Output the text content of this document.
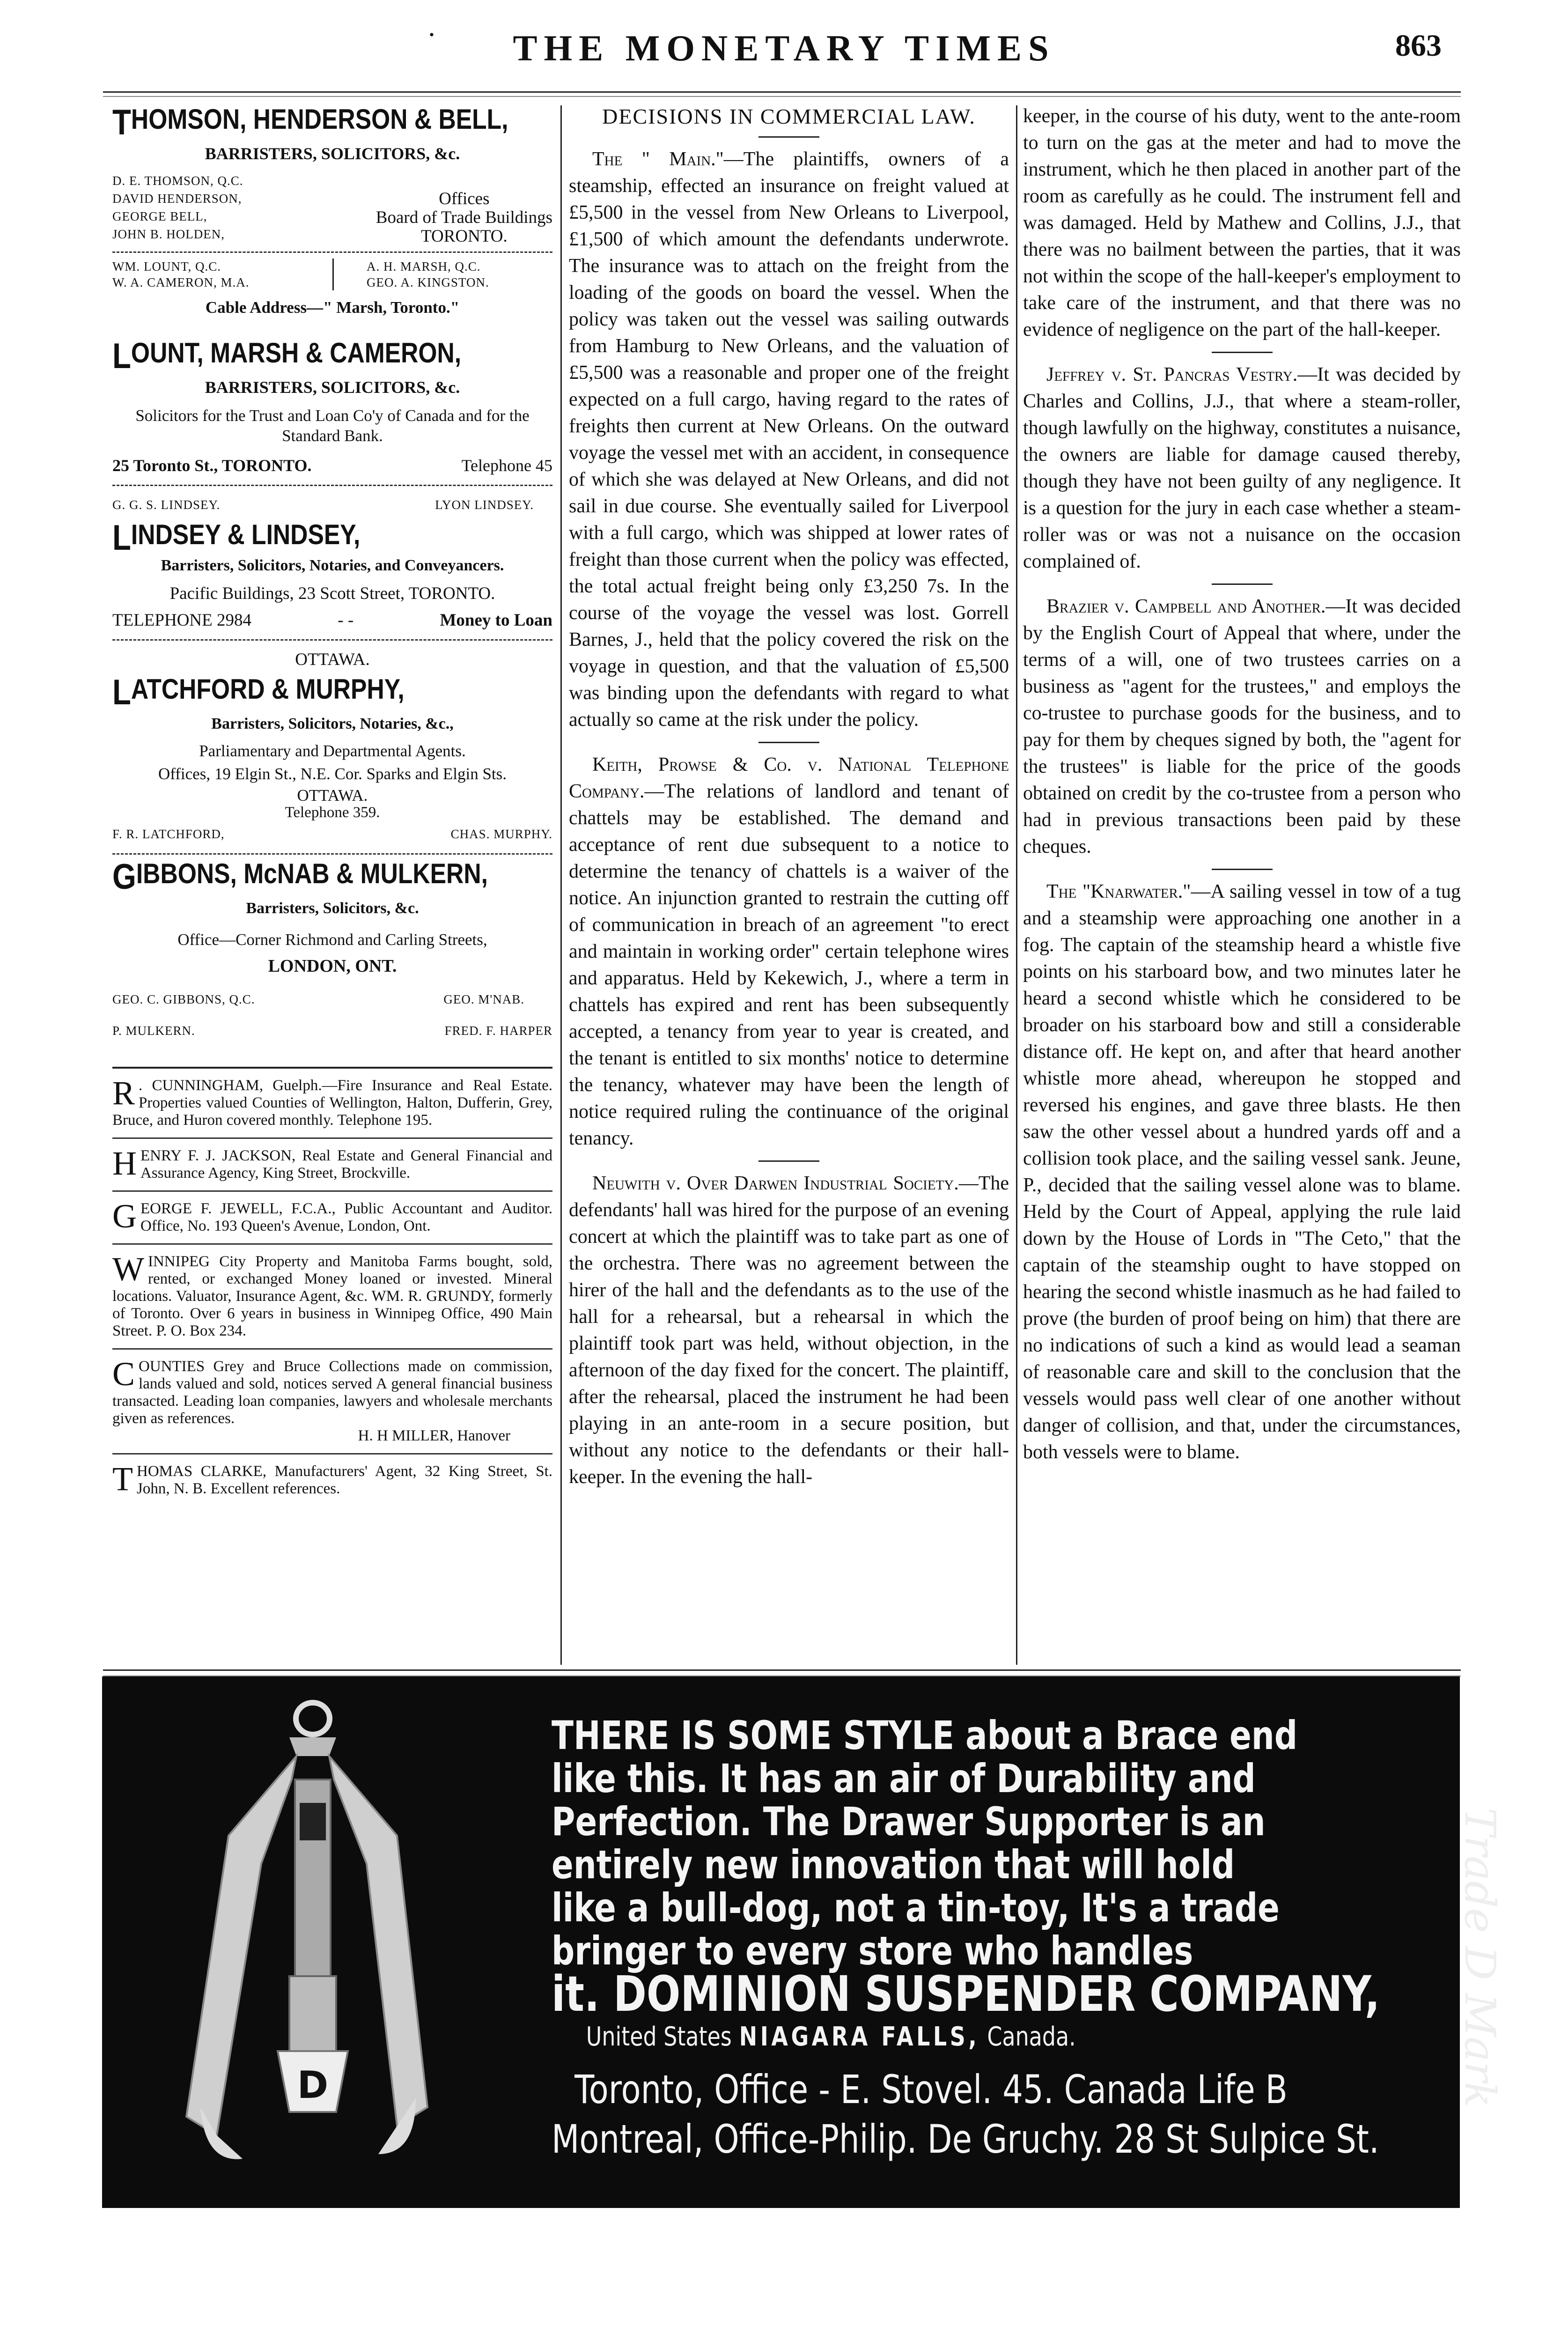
·	THE MONETARY TIMES	863
THOMSON, HENDERSON & BELL,
BARRISTERS, SOLICITORS, &c.
D. E. THOMSON, Q.C.
DAVID HENDERSON,
GEORGE BELL,
JOHN B. HOLDEN,
Offices
Board of Trade Buildings
TORONTO.
WM. LOUNT, Q.C.
W. A. CAMERON, M.A.
A. H. MARSH, Q.C.
GEO. A. KINGSTON.
Cable Address—" Marsh, Toronto."
LOUNT, MARSH & CAMERON,
BARRISTERS, SOLICITORS, &c.
Solicitors for the Trust and Loan Co'y of Canada and for the Standard Bank.
25 Toronto St., TORONTO.	Telephone 45
G. G. S. LINDSEY.	LYON LINDSEY.
LINDSEY & LINDSEY,
Barristers, Solicitors, Notaries, and Conveyancers.
Pacific Buildings, 23 Scott Street, TORONTO.
TELEPHONE 2984	- -	Money to Loan
OTTAWA.
LATCHFORD & MURPHY,
Barristers, Solicitors, Notaries, &c.,
Parliamentary and Departmental Agents.
Offices, 19 Elgin St., N.E. Cor. Sparks and Elgin Sts.
OTTAWA.
Telephone 359.
F. R. LATCHFORD,	CHAS. MURPHY.
GIBBONS, McNAB & MULKERN,
Barristers, Solicitors, &c.
Office—Corner Richmond and Carling Streets,
LONDON, ONT.
GEO. C. GIBBONS, Q.C.	GEO. M'NAB.
P. MULKERN.	FRED. F. HARPER
R . CUNNINGHAM, Guelph.—Fire Insurance and Real Estate. Properties valued Counties of Wellington, Halton, Dufferin, Grey, Bruce, and Huron covered monthly. Telephone 195.
HENRY F. J. JACKSON, Real Estate and General Financial and Assurance Agency, King Street, Brockville.
GEORGE F. JEWELL, F.C.A., Public Accountant and Auditor. Office, No. 193 Queen's Avenue, London, Ont.
WINNIPEG City Property and Manitoba Farms bought, sold, rented, or exchanged Money loaned or invested. Mineral locations. Valuator, Insurance Agent, &c. WM. R. GRUNDY, formerly of Toronto. Over 6 years in business in Winnipeg Office, 490 Main Street. P. O. Box 234.
COUNTIES Grey and Bruce Collections made on commission, lands valued and sold, notices served A general financial business transacted. Leading loan companies, lawyers and wholesale merchants given as references.
H. H MILLER, Hanover
THOMAS CLARKE, Manufacturers' Agent, 32 King Street, St. John, N. B. Excellent references.
DECISIONS IN COMMERCIAL LAW.

The " Main."—The plaintiffs, owners of a steamship, effected an insurance on freight valued at £5,500 in the vessel from New Orleans to Liverpool, £1,500 of which amount the defendants underwrote. The insurance was to attach on the freight from the loading of the goods on board the vessel. When the policy was taken out the vessel was sailing outwards from Hamburg to New Orleans, and the valuation of £5,500 was a reasonable and proper one of the freight expected on a full cargo, having regard to the rates of freights then current at New Orleans. On the outward voyage the vessel met with an accident, in consequence of which she was delayed at New Orleans, and did not sail in due course. She eventually sailed for Liverpool with a full cargo, which was shipped at lower rates of freight than those current when the policy was effected, the total actual freight being only £3,250 7s. In the course of the voyage the vessel was lost. Gorrell Barnes, J., held that the policy covered the risk on the voyage in question, and that the valuation of £5,500 was binding upon the defendants with regard to what actually so came at the risk under the policy.

Keith, Prowse & Co. v. National Telephone Company.—The relations of landlord and tenant of chattels may be established. The demand and acceptance of rent due subsequent to a notice to determine the tenancy of chattels is a waiver of the notice. An injunction granted to restrain the cutting off of communication in breach of an agreement "to erect and maintain in working order" certain telephone wires and apparatus. Held by Kekewich, J., where a term in chattels has expired and rent has been subsequently accepted, a tenancy from year to year is created, and the tenant is entitled to six months' notice to determine the tenancy, whatever may have been the length of notice required ruling the continuance of the original tenancy.

Neuwith v. Over Darwen Industrial Society.—The defendants' hall was hired for the purpose of an evening concert at which the plaintiff was to take part as one of the orchestra. There was no agreement between the hirer of the hall and the defendants as to the use of the hall for a rehearsal, but a rehearsal in which the plaintiff took part was held, without objection, in the afternoon of the day fixed for the concert. The plaintiff, after the rehearsal, placed the instrument he had been playing in an ante-room in a secure position, but without any notice to the defendants or their hall-keeper. In the evening the hall-

keeper, in the course of his duty, went to the ante-room to turn on the gas at the meter and had to move the instrument, which he then placed in another part of the room as carefully as he could. The instrument fell and was damaged. Held by Mathew and Collins, J.J., that there was no bailment between the parties, that it was not within the scope of the hall-keeper's employment to take care of the instrument, and that there was no evidence of negligence on the part of the hall-keeper.

Jeffrey v. St. Pancras Vestry.—It was decided by Charles and Collins, J.J., that where a steam-roller, though lawfully on the highway, constitutes a nuisance, the owners are liable for damage caused thereby, though they have not been guilty of any negligence. It is a question for the jury in each case whether a steam-roller was or was not a nuisance on the occasion complained of.

Brazier v. Campbell and Another.—It was decided by the English Court of Appeal that where, under the terms of a will, one of two trustees carries on a business as "agent for the trustees," and employs the co-trustee to purchase goods for the business, and to pay for them by cheques signed by both, the "agent for the trustees" is liable for the price of the goods obtained on credit by the co-trustee from a person who had in previous transactions been paid by these cheques.

The "Knarwater."—A sailing vessel in tow of a tug and a steamship were approaching one another in a fog. The captain of the steamship heard a whistle five points on his starboard bow, and two minutes later he heard a second whistle which he considered to be broader on his starboard bow and still a considerable distance off. He kept on, and after that heard another whistle more ahead, whereupon he stopped and reversed his engines, and gave three blasts. He then saw the other vessel about a hundred yards off and a collision took place, and the sailing vessel sank. Jeune, P., decided that the sailing vessel alone was to blame. Held by the Court of Appeal, applying the rule laid down by the House of Lords in "The Ceto," that the captain of the steamship ought to have stopped on hearing the second whistle inasmuch as he had failed to prove (the burden of proof being on him) that there are no indications of such a kind as would lead a seaman of reasonable care and skill to the conclusion that the vessels would pass well clear of one another without danger of collision, and that, under the circumstances, both vessels were to blame.

D
THERE IS SOME STYLE about a Brace end
like this. It has an air of Durability and
Perfection. The Drawer Supporter is an
entirely new innovation that will hold
like a bull-dog, not a tin-toy, It's a trade
bringer to every store who handles
it. DOMINION SUSPENDER COMPANY,
United States NIAGARA FALLS, Canada.
Toronto, Office - E. Stovel. 45. Canada Life B
Montreal, Office-Philip. De Gruchy. 28 St Sulpice St.
Trade D Mark
